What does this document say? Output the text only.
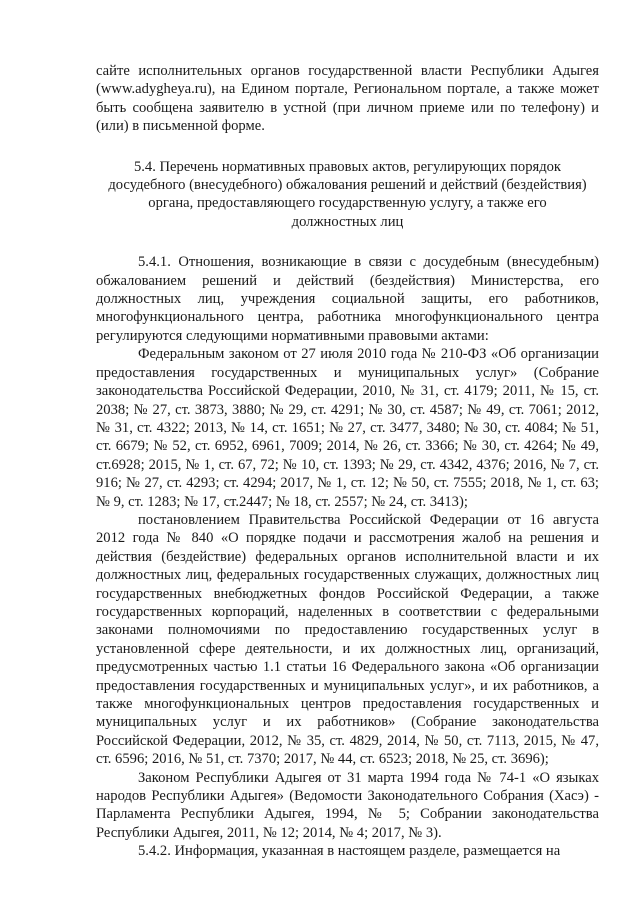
сайте исполнительных органов государственной власти Республики Адыгея (www.adygheya.ru), на Едином портале, Региональном портале, а также может быть сообщена заявителю в устной (при личном приеме или по телефону) и (или) в письменной форме.

5.4. Перечень нормативных правовых актов, регулирующих порядок досудебного (внесудебного) обжалования решений и действий (бездействия) органа, предоставляющего государственную услугу, а также его должностных лиц

5.4.1. Отношения, возникающие в связи с досудебным (внесудебным) обжалованием решений и действий (бездействия) Министерства, его должностных лиц, учреждения социальной защиты, его работников, многофункционального центра, работника многофункционального центра регулируются следующими нормативными правовыми актами:

Федеральным законом от 27 июля 2010 года № 210-ФЗ «Об организации предоставления государственных и муниципальных услуг» (Собрание законодательства Российской Федерации, 2010, № 31, ст. 4179; 2011, № 15, ст. 2038; № 27, ст. 3873, 3880; № 29, ст. 4291; № 30, ст. 4587; № 49, ст. 7061; 2012, № 31, ст. 4322; 2013, № 14, ст. 1651; № 27, ст. 3477, 3480; № 30, ст. 4084; № 51, ст. 6679; № 52, ст. 6952, 6961, 7009; 2014, № 26, ст. 3366; № 30, ст. 4264; № 49, ст.6928; 2015, № 1, ст. 67, 72; № 10, ст. 1393; № 29, ст. 4342, 4376; 2016, № 7, ст. 916; № 27, ст. 4293; ст. 4294; 2017, № 1, ст. 12; № 50, ст. 7555; 2018, № 1, ст. 63; № 9, ст. 1283; № 17, ст.2447; № 18, ст. 2557; № 24, ст. 3413);

постановлением Правительства Российской Федерации от 16 августа 2012 года № 840 «О порядке подачи и рассмотрения жалоб на решения и действия (бездействие) федеральных органов исполнительной власти и их должностных лиц, федеральных государственных служащих, должностных лиц государственных внебюджетных фондов Российской Федерации, а также государственных корпораций, наделенных в соответствии с федеральными законами полномочиями по предоставлению государственных услуг в установленной сфере деятельности, и их должностных лиц, организаций, предусмотренных частью 1.1 статьи 16 Федерального закона «Об организации предоставления государственных и муниципальных услуг», и их работников, а также многофункциональных центров предоставления государственных и муниципальных услуг и их работников» (Собрание законодательства Российской Федерации, 2012, № 35, ст. 4829, 2014, № 50, ст. 7113, 2015, № 47, ст. 6596; 2016, № 51, ст. 7370; 2017, № 44, ст. 6523; 2018, № 25, ст. 3696);

Законом Республики Адыгея от 31 марта 1994 года № 74-1 «О языках народов Республики Адыгея» (Ведомости Законодательного Собрания (Хасэ) - Парламента Республики Адыгея, 1994, № 5; Собрании законодательства Республики Адыгея, 2011, № 12; 2014, № 4; 2017, № 3).

5.4.2. Информация, указанная в настоящем разделе, размещается на
